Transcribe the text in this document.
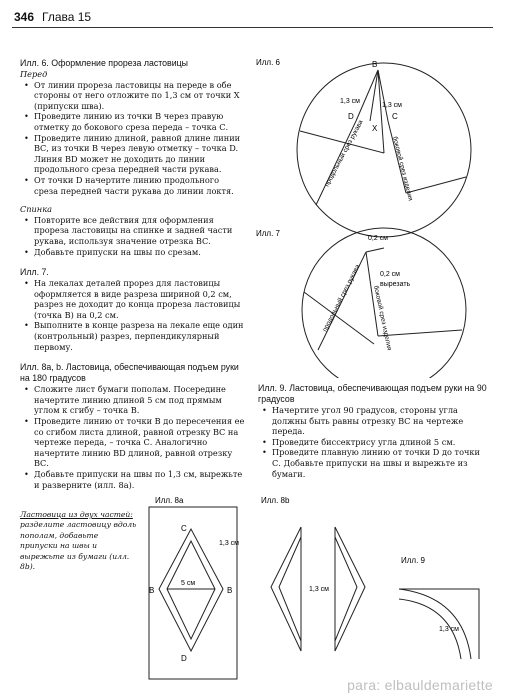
346 Глава 15
Илл. 6. Оформление прореза ластовицы
Перед
• От линии прореза ластовицы на переде в обе стороны от него отложите по 1,3 см от точки X (припуски шва).
• Проведите линию из точки В через правую отметку до бокового среза переда – точка С.
• Проведите линию длиной, равной длине линии ВС, из точки В через левую отметку – точка D. Линия BD может не доходить до линии продольного среза передней части рукава.
• От точки D начертите линию продольного среза передней части рукава до линии локтя.
Спинка
• Повторите все действия для оформления прореза ластовицы на спинке и задней части рукава, используя значение отрезка ВС.
• Добавьте припуски на швы по срезам.
Илл. 7.
• На лекалах деталей прорез для ластовицы оформляется в виде разреза шириной 0,2 см, разрез не доходит до конца прореза ластовицы (точка В) на 0,2 см.
• Выполните в конце разреза на лекале еще один (контрольный) разрез, перпендикулярный первому.
Илл. 8a, b. Ластовица, обеспечивающая подъем руки на 180 градусов
• Сложите лист бумаги пополам. Посередине начертите линию длиной 5 см под прямым углом к сгибу – точка В.
• Проведите линию от точки В до пересечения ее со сгибом листа длиной, равной отрезку ВС на чертеже переда, – точка С. Аналогично начертите линию BD длиной, равной отрезку ВС.
• Добавьте припуски на швы по 1,3 см, вырежьте и разверните (илл. 8а).
Илл. 9. Ластовица, обеспечивающая подъем руки на 90 градусов
• Начертите угол 90 градусов, стороны угла должны быть равны отрезку ВС на чертеже переда.
• Проведите биссектрису угла длиной 5 см.
• Проведите плавную линию от точки D до точки С. Добавьте припуски на швы и вырежьте из бумаги.
Ластовица из двух частей: разделите ластовицу вдоль пополам, добавьте припуски на швы и вырежьте из бумаги (илл. 8b).
Илл. 6	B
D	C
X
1,3 см
1,3 см
продольный срез рукава	боковой срез изделия
Илл. 7
0,2 см
0,2 см
вырезать
продольный срез рукава боковой срез изделия
Илл. 8a
C
B	B
D
1,3 см
5 см
Илл. 8b
1,3 см
Илл. 9
1,3 см
para: elbauldemariette
